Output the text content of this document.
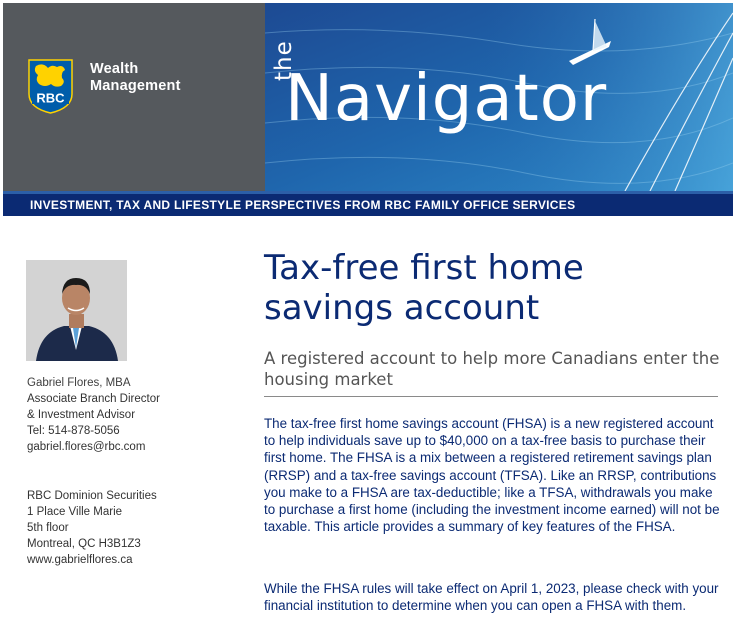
RBC
Wealth
Management
the
Navigator
INVESTMENT, TAX AND LIFESTYLE PERSPECTIVES FROM RBC FAMILY OFFICE SERVICES
Gabriel Flores, MBA
Associate Branch Director
& Investment Advisor
Tel: 514-878-5056
gabriel.flores@rbc.com
RBC Dominion Securities
1 Place Ville Marie
5th floor
Montreal, QC H3B1Z3
www.gabrielflores.ca
Tax-free first home savings account

A registered account to help more Canadians enter the housing market

The tax-free first home savings account (FHSA) is a new registered account to help individuals save up to $40,000 on a tax-free basis to purchase their first home. The FHSA is a mix between a registered retirement savings plan (RRSP) and a tax-free savings account (TFSA). Like an RRSP, contributions you make to a FHSA are tax-deductible; like a TFSA, withdrawals you make to purchase a first home (including the investment income earned) will not be taxable. This article provides a summary of key features of the FHSA.

While the FHSA rules will take effect on April 1, 2023, please check with your financial institution to determine when you can open a FHSA with them.
